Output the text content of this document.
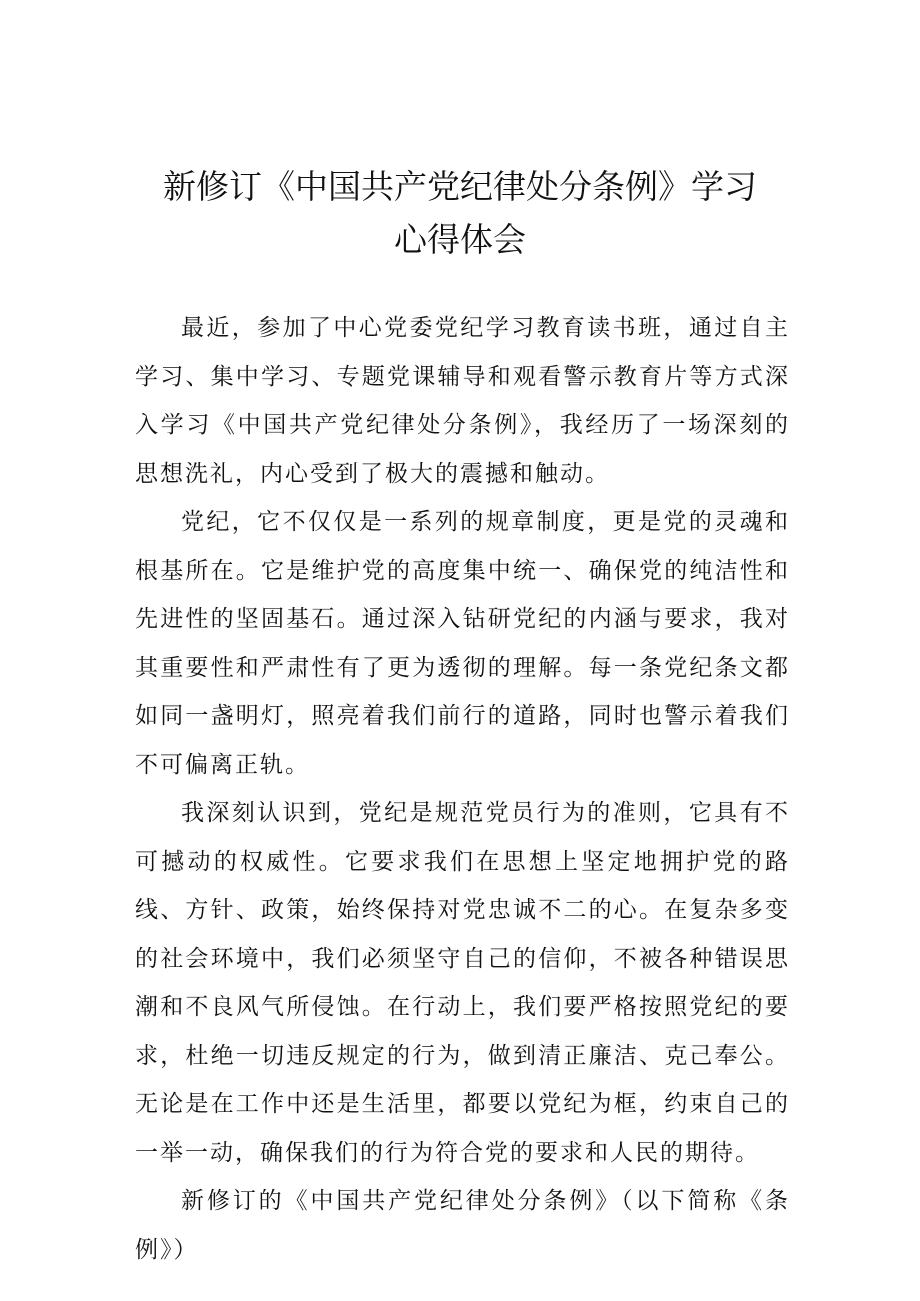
新修订《中国共产党纪律处分条例》学习
心得体会

最近，参加了中心党委党纪学习教育读书班，通过自主学习、集中学习、专题党课辅导和观看警示教育片等方式深入学习《中国共产党纪律处分条例》，我经历了一场深刻的思想洗礼，内心受到了极大的震撼和触动。

党纪，它不仅仅是一系列的规章制度，更是党的灵魂和根基所在。它是维护党的高度集中统一、确保党的纯洁性和先进性的坚固基石。通过深入钻研党纪的内涵与要求，我对其重要性和严肃性有了更为透彻的理解。每一条党纪条文都如同一盏明灯，照亮着我们前行的道路，同时也警示着我们不可偏离正轨。

我深刻认识到，党纪是规范党员行为的准则，它具有不可撼动的权威性。它要求我们在思想上坚定地拥护党的路线、方针、政策，始终保持对党忠诚不二的心。在复杂多变的社会环境中，我们必须坚守自己的信仰，不被各种错误思潮和不良风气所侵蚀。在行动上，我们要严格按照党纪的要求，杜绝一切违反规定的行为，做到清正廉洁、克己奉公。无论是在工作中还是生活里，都要以党纪为框，约束自己的一举一动，确保我们的行为符合党的要求和人民的期待。

新修订的《中国共产党纪律处分条例》（以下简称《条例》）
